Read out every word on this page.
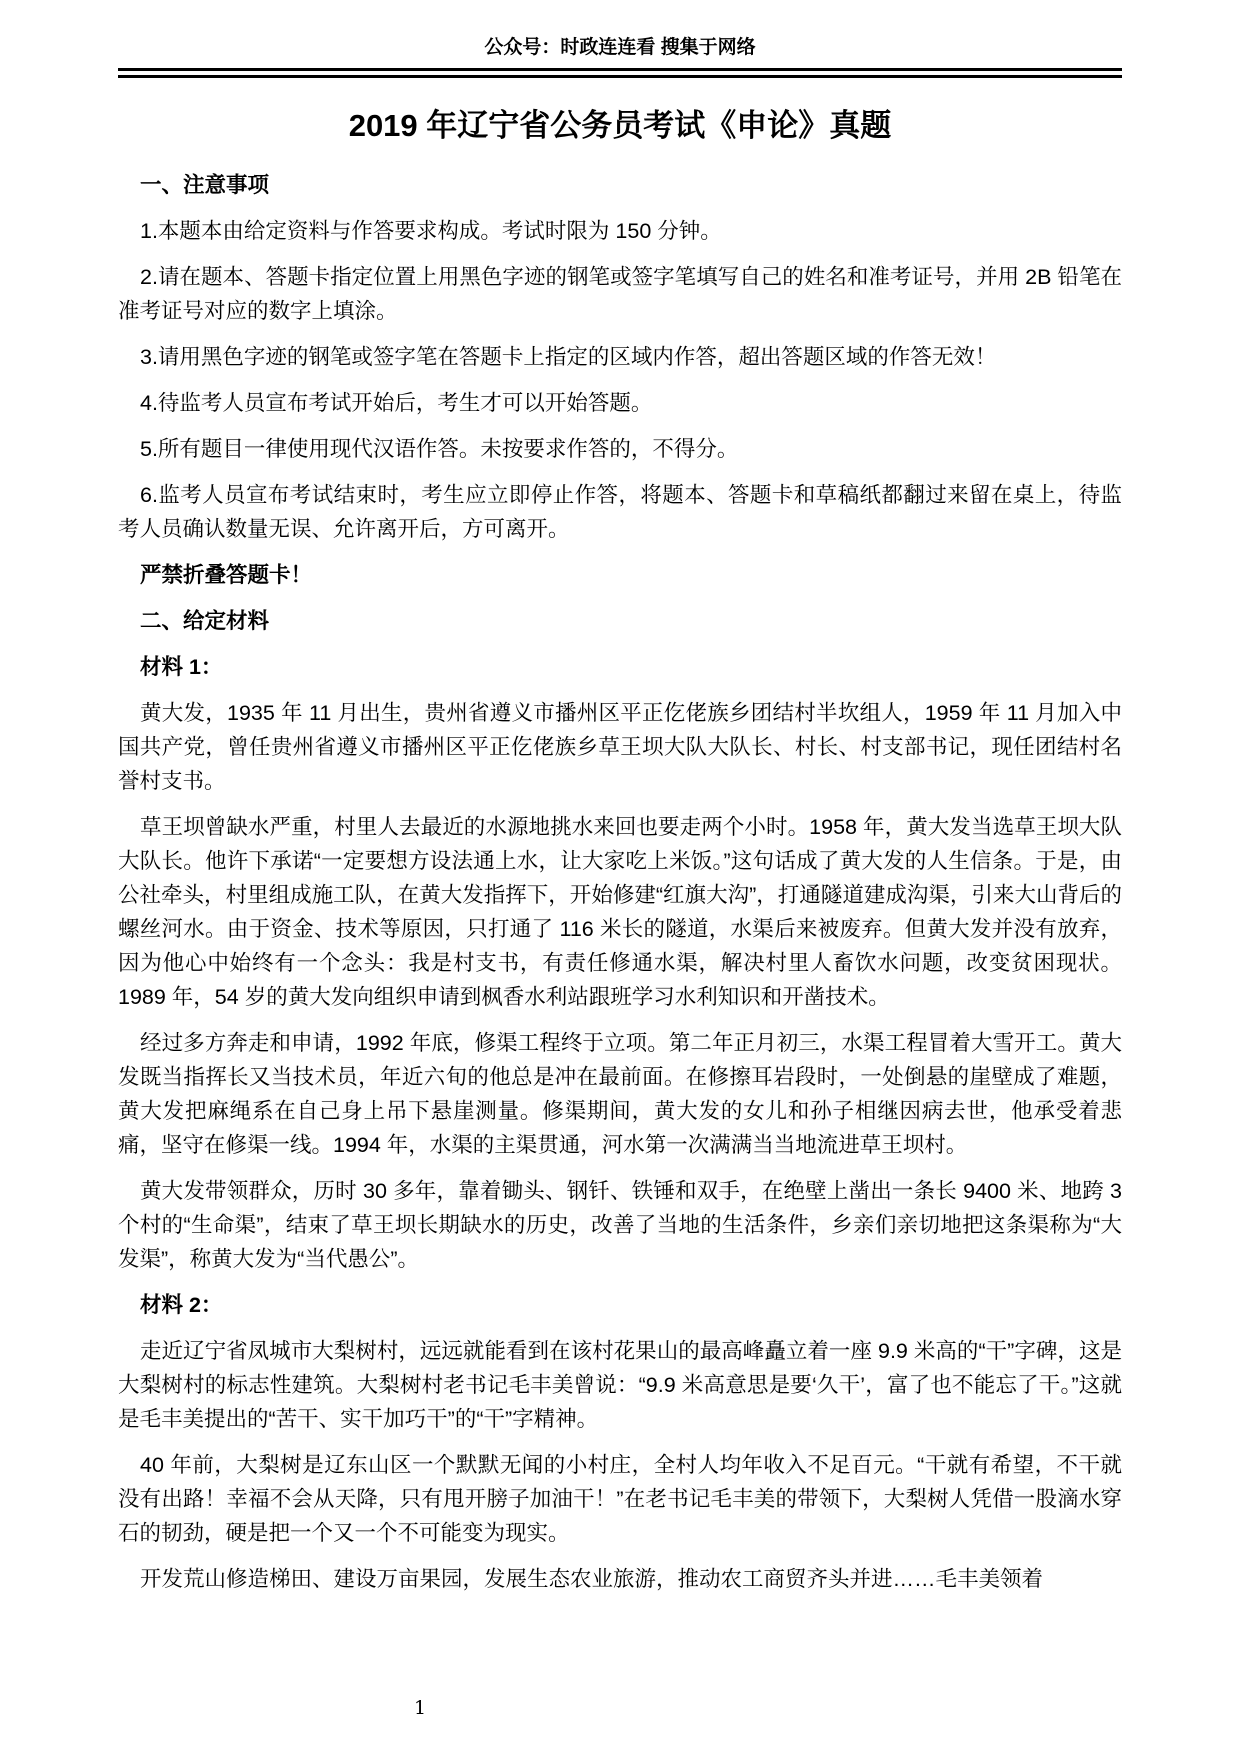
公众号：时政连连看 搜集于网络
2019 年辽宁省公务员考试《申论》真题

一、注意事项

1.本题本由给定资料与作答要求构成。考试时限为 150 分钟。

2.请在题本、答题卡指定位置上用黑色字迹的钢笔或签字笔填写自己的姓名和准考证号，并用 2B 铅笔在准考证号对应的数字上填涂。

3.请用黑色字迹的钢笔或签字笔在答题卡上指定的区域内作答，超出答题区域的作答无效！

4.待监考人员宣布考试开始后，考生才可以开始答题。

5.所有题目一律使用现代汉语作答。未按要求作答的，不得分。

6.监考人员宣布考试结束时，考生应立即停止作答，将题本、答题卡和草稿纸都翻过来留在桌上，待监考人员确认数量无误、允许离开后，方可离开。

严禁折叠答题卡！

二、给定材料

材料 1：

黄大发，1935 年 11 月出生，贵州省遵义市播州区平正仡佬族乡团结村半坎组人，1959 年 11 月加入中国共产党，曾任贵州省遵义市播州区平正仡佬族乡草王坝大队大队长、村长、村支部书记，现任团结村名誉村支书。

草王坝曾缺水严重，村里人去最近的水源地挑水来回也要走两个小时。1958 年，黄大发当选草王坝大队大队长。他许下承诺“一定要想方设法通上水，让大家吃上米饭。”这句话成了黄大发的人生信条。于是，由公社牵头，村里组成施工队，在黄大发指挥下，开始修建“红旗大沟”，打通隧道建成沟渠，引来大山背后的螺丝河水。由于资金、技术等原因，只打通了 116 米长的隧道，水渠后来被废弃。但黄大发并没有放弃，因为他心中始终有一个念头：我是村支书，有责任修通水渠，解决村里人畜饮水问题，改变贫困现状。1989 年，54 岁的黄大发向组织申请到枫香水利站跟班学习水利知识和开凿技术。

经过多方奔走和申请，1992 年底，修渠工程终于立项。第二年正月初三，水渠工程冒着大雪开工。黄大发既当指挥长又当技术员，年近六旬的他总是冲在最前面。在修擦耳岩段时，一处倒悬的崖壁成了难题，黄大发把麻绳系在自己身上吊下悬崖测量。修渠期间，黄大发的女儿和孙子相继因病去世，他承受着悲痛，坚守在修渠一线。1994 年，水渠的主渠贯通，河水第一次满满当当地流进草王坝村。

黄大发带领群众，历时 30 多年，靠着锄头、钢钎、铁锤和双手，在绝壁上凿出一条长 9400 米、地跨 3 个村的“生命渠”，结束了草王坝长期缺水的历史，改善了当地的生活条件，乡亲们亲切地把这条渠称为“大发渠”，称黄大发为“当代愚公”。

材料 2：

走近辽宁省凤城市大梨树村，远远就能看到在该村花果山的最高峰矗立着一座 9.9 米高的“干”字碑，这是大梨树村的标志性建筑。大梨树村老书记毛丰美曾说：“9.9 米高意思是要‘久干’，富了也不能忘了干。”这就是毛丰美提出的“苦干、实干加巧干”的“干”字精神。

40 年前，大梨树是辽东山区一个默默无闻的小村庄，全村人均年收入不足百元。“干就有希望，不干就没有出路！幸福不会从天降，只有甩开膀子加油干！”在老书记毛丰美的带领下，大梨树人凭借一股滴水穿石的韧劲，硬是把一个又一个不可能变为现实。

开发荒山修造梯田、建设万亩果园，发展生态农业旅游，推动农工商贸齐头并进……毛丰美领着

1
